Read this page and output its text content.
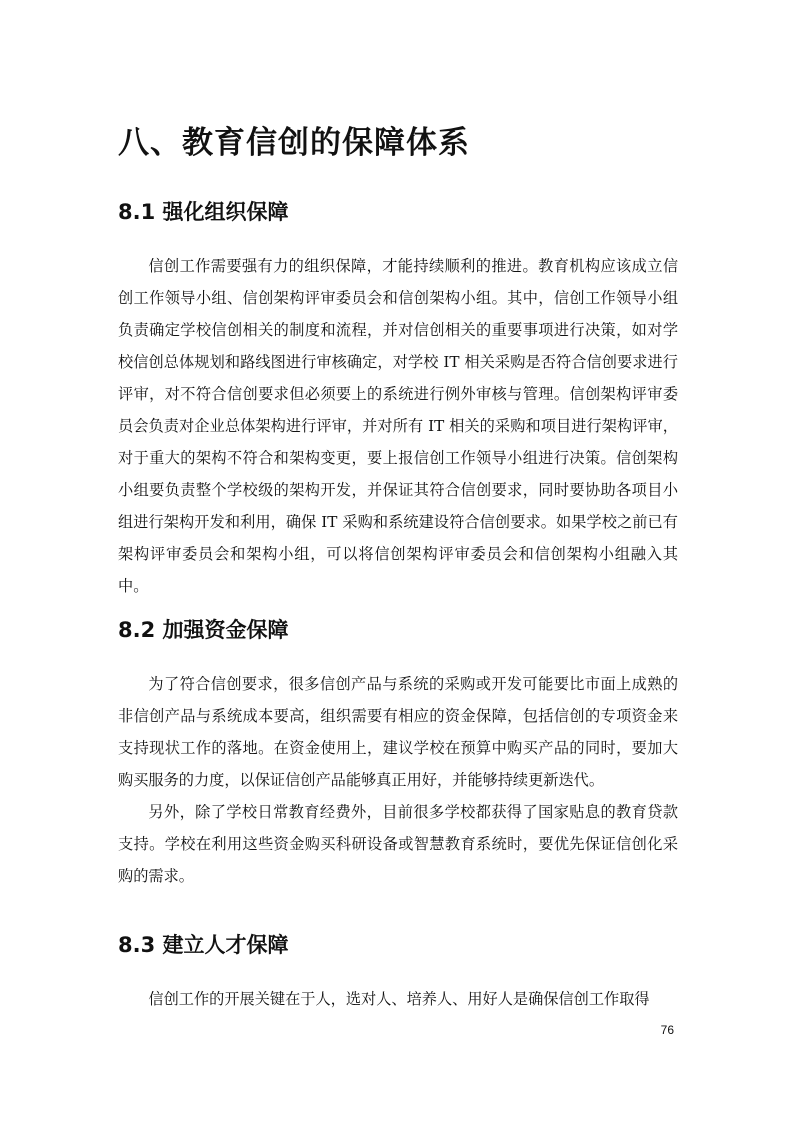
八、教育信创的保障体系
8.1 强化组织保障

信创工作需要强有力的组织保障，才能持续顺利的推进。教育机构应该成立信创工作领导小组、信创架构评审委员会和信创架构小组。其中，信创工作领导小组负责确定学校信创相关的制度和流程，并对信创相关的重要事项进行决策，如对学校信创总体规划和路线图进行审核确定，对学校 IT 相关采购是否符合信创要求进行评审，对不符合信创要求但必须要上的系统进行例外审核与管理。信创架构评审委员会负责对企业总体架构进行评审，并对所有 IT 相关的采购和项目进行架构评审，对于重大的架构不符合和架构变更，要上报信创工作领导小组进行决策。信创架构小组要负责整个学校级的架构开发，并保证其符合信创要求，同时要协助各项目小组进行架构开发和利用，确保 IT 采购和系统建设符合信创要求。如果学校之前已有架构评审委员会和架构小组，可以将信创架构评审委员会和信创架构小组融入其中。

8.2 加强资金保障

为了符合信创要求，很多信创产品与系统的采购或开发可能要比市面上成熟的非信创产品与系统成本要高，组织需要有相应的资金保障，包括信创的专项资金来支持现状工作的落地。在资金使用上，建议学校在预算中购买产品的同时，要加大购买服务的力度，以保证信创产品能够真正用好，并能够持续更新迭代。

另外，除了学校日常教育经费外，目前很多学校都获得了国家贴息的教育贷款支持。学校在利用这些资金购买科研设备或智慧教育系统时，要优先保证信创化采购的需求。

8.3 建立人才保障

信创工作的开展关键在于人，选对人、培养人、用好人是确保信创工作取得

76
